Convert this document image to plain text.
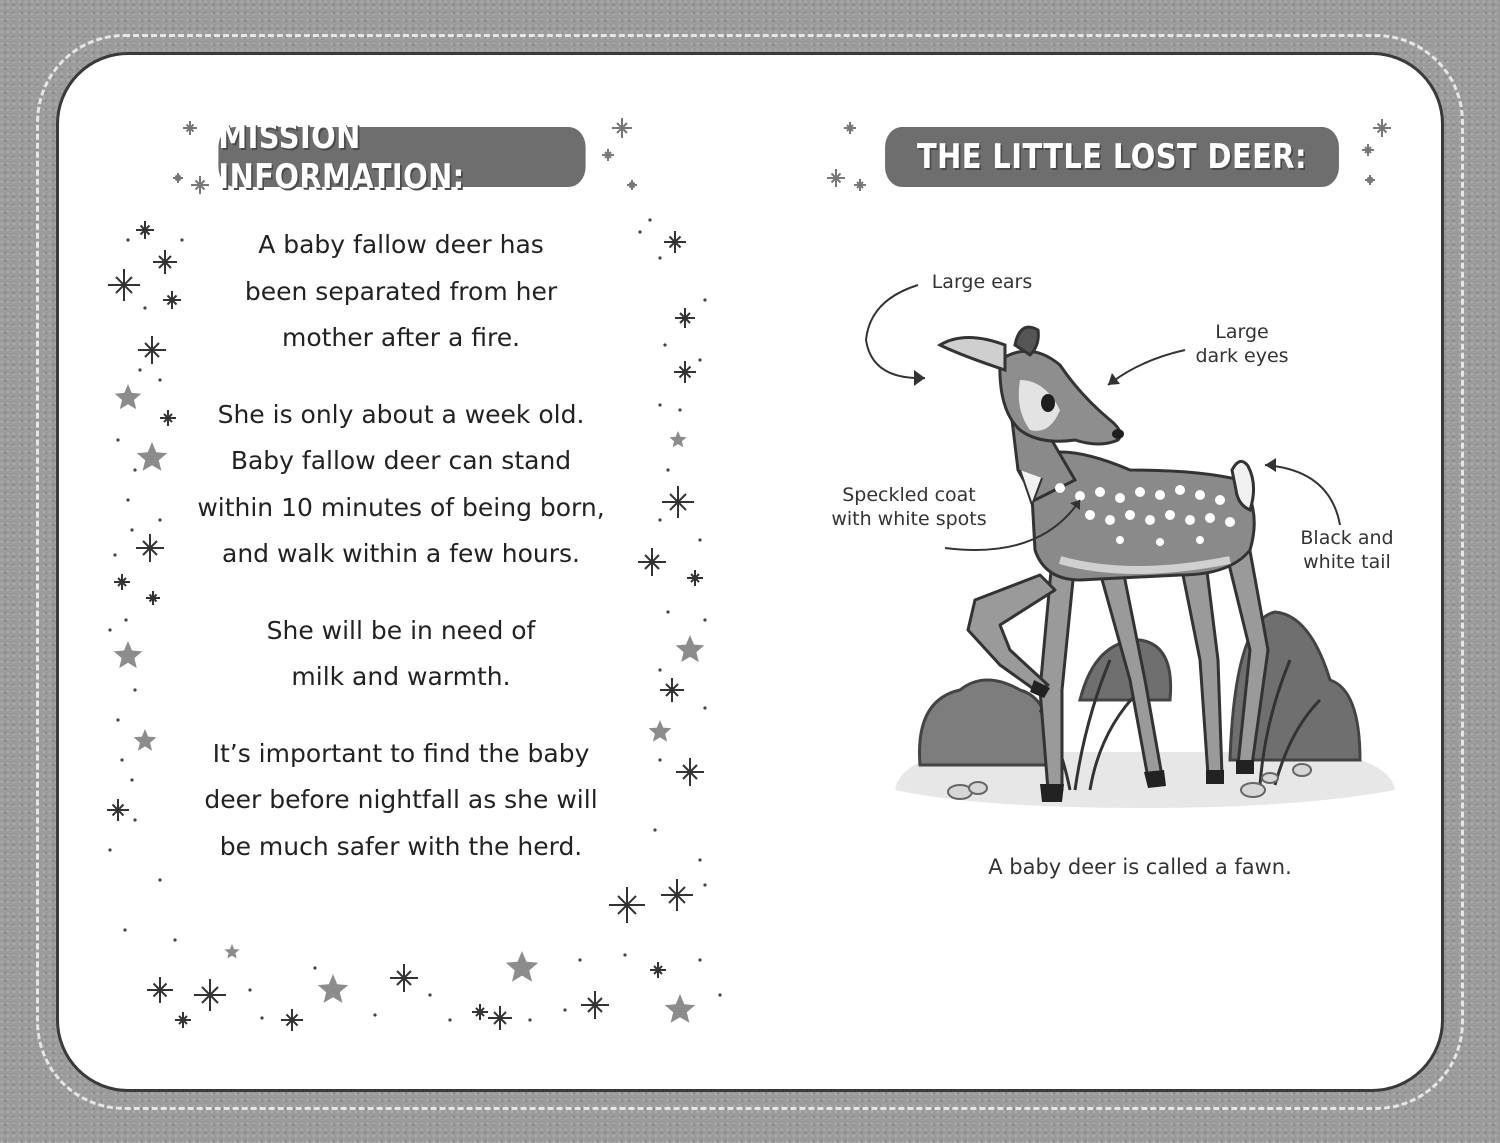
MISSION INFORMATION:

A baby fallow deer has
been separated from her
mother after a fire.

She is only about a week old.
Baby fallow deer can stand
within 10 minutes of being born,
and walk within a few hours.

She will be in need of
milk and warmth.

It’s important to find the baby
deer before nightfall as she will
be much safer with the herd.

THE LITTLE LOST DEER:
Large ears
Large
dark eyes
Speckled coat
with white spots
Black and
white tail
A baby deer is called a fawn.
